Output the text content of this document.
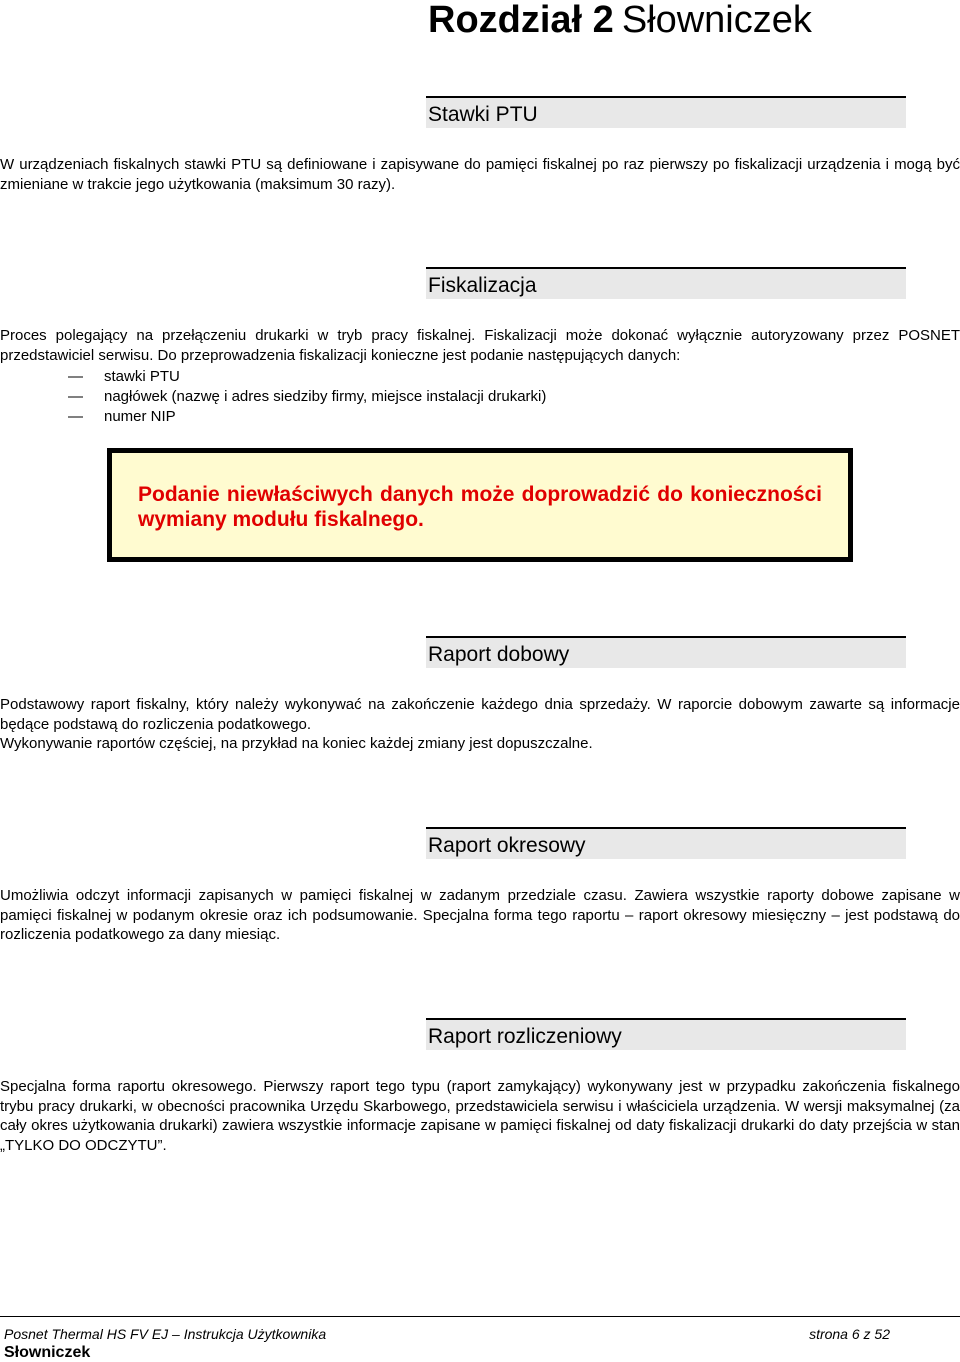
Rozdział 2 Słowniczek
Stawki PTU

W urządzeniach fiskalnych stawki PTU są definiowane i zapisywane do pamięci fiskalnej po raz pierwszy po fiskalizacji urządzenia i mogą być zmieniane w trakcie jego użytkowania (maksimum 30 razy).

Fiskalizacja

Proces polegający na przełączeniu drukarki w tryb pracy fiskalnej. Fiskalizacji może dokonać wyłącznie autoryzowany przez POSNET przedstawiciel serwisu. Do przeprowadzenia fiskalizacji konieczne jest podanie następujących danych:

— stawki PTU
— nagłówek (nazwę i adres siedziby firmy, miejsce instalacji drukarki)
— numer NIP
Podanie niewłaściwych danych może doprowadzić do konieczności wymiany modułu fiskalnego.
Raport dobowy

Podstawowy raport fiskalny, który należy wykonywać na zakończenie każdego dnia sprzedaży. W raporcie dobowym zawarte są informacje będące podstawą do rozliczenia podatkowego.

Wykonywanie raportów częściej, na przykład na koniec każdej zmiany jest dopuszczalne.

Raport okresowy

Umożliwia odczyt informacji zapisanych w pamięci fiskalnej w zadanym przedziale czasu. Zawiera wszystkie raporty dobowe zapisane w pamięci fiskalnej w podanym okresie oraz ich podsumowanie. Specjalna forma tego raportu – raport okresowy miesięczny – jest podstawą do rozliczenia podatkowego za dany miesiąc.

Raport rozliczeniowy

Specjalna forma raportu okresowego. Pierwszy raport tego typu (raport zamykający) wykonywany jest w przypadku zakończenia fiskalnego trybu pracy drukarki, w obecności pracownika Urzędu Skarbowego, przedstawiciela serwisu i właściciela urządzenia. W wersji maksymalnej (za cały okres użytkowania drukarki) zawiera wszystkie informacje zapisane w pamięci fiskalnej od daty fiskalizacji drukarki do daty przejścia w stan „TYLKO DO ODCZYTU”.

Posnet Thermal HS FV EJ – Instrukcja Użytkownika	strona 6 z 52
Słowniczek
